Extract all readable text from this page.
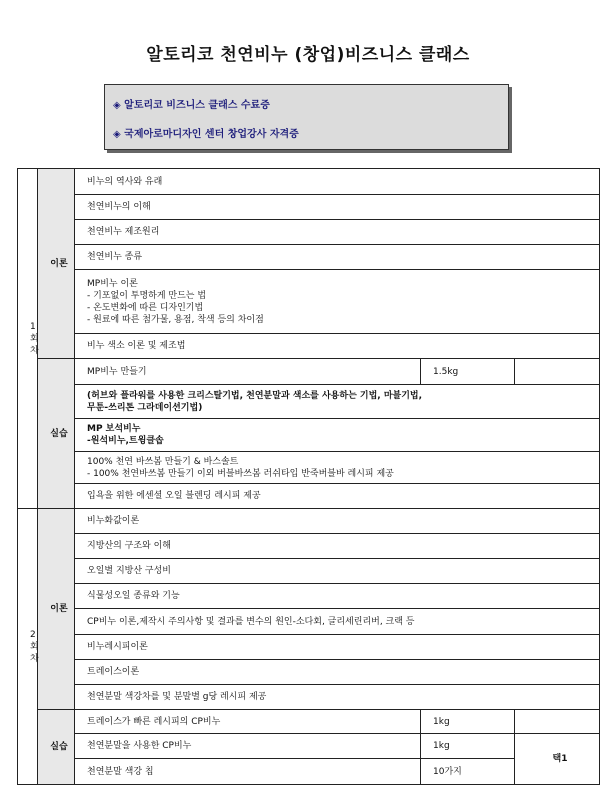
알토리코 천연비누 (창업)비즈니스 클래스
◈ 알토리코 비즈니스 클래스 수료증
◈ 국제아로마디자인 센터 창업강사 자격증
1
회
차	이론	비누의 역사와 유래		
		천연비누의 이해		
		천연비누 제조원리		
		천연비누 종류		

		MP비누 이론
- 기포없이 투명하게 만드는 법
- 온도변화에 따른 디자인기법
- 원료에 따른 첨가물, 용점, 착색 등의 차이점		

		비누 색소 이론 및 제조법		
	실습	MP비누 만들기	1.5kg	

		(허브와 플라워를 사용한 크리스탈기법, 천연분말과 색소를 사용하는 기법, 마블기법,
무툰-쓰리톤 그라데이션기법)		

		MP 보석비누
-원석비누,트윙클솝		

		100% 천연 바쓰봄 만들기 & 바스솔트
- 100% 천연바쓰봄 만들기 이외 버블바쓰봄 러쉬타입 반죽버블바 레시피 제공		

		입욕을 위한 에센셜 오일 블렌딩 레시피 제공		
2
회
차	이론	비누화값이론		
		지방산의 구조와 이해		
		오일별 지방산 구성비		
		식물성오일 종류와 기능		
		CP비누 이론,제작시 주의사항 및 결과를 변수의 원인-소다회, 글리세린리버, 크랙 등		
		비누레시피이론		
		트레이스이론		
		천연분말 색강차를 및 분말별 g당 레시피 제공		
	실습	트레이스가 빠른 레시피의 CP비누	1kg	
		천연분말을 사용한 CP비누	1kg	택1
		천연분말 색강 칩	10가지	
